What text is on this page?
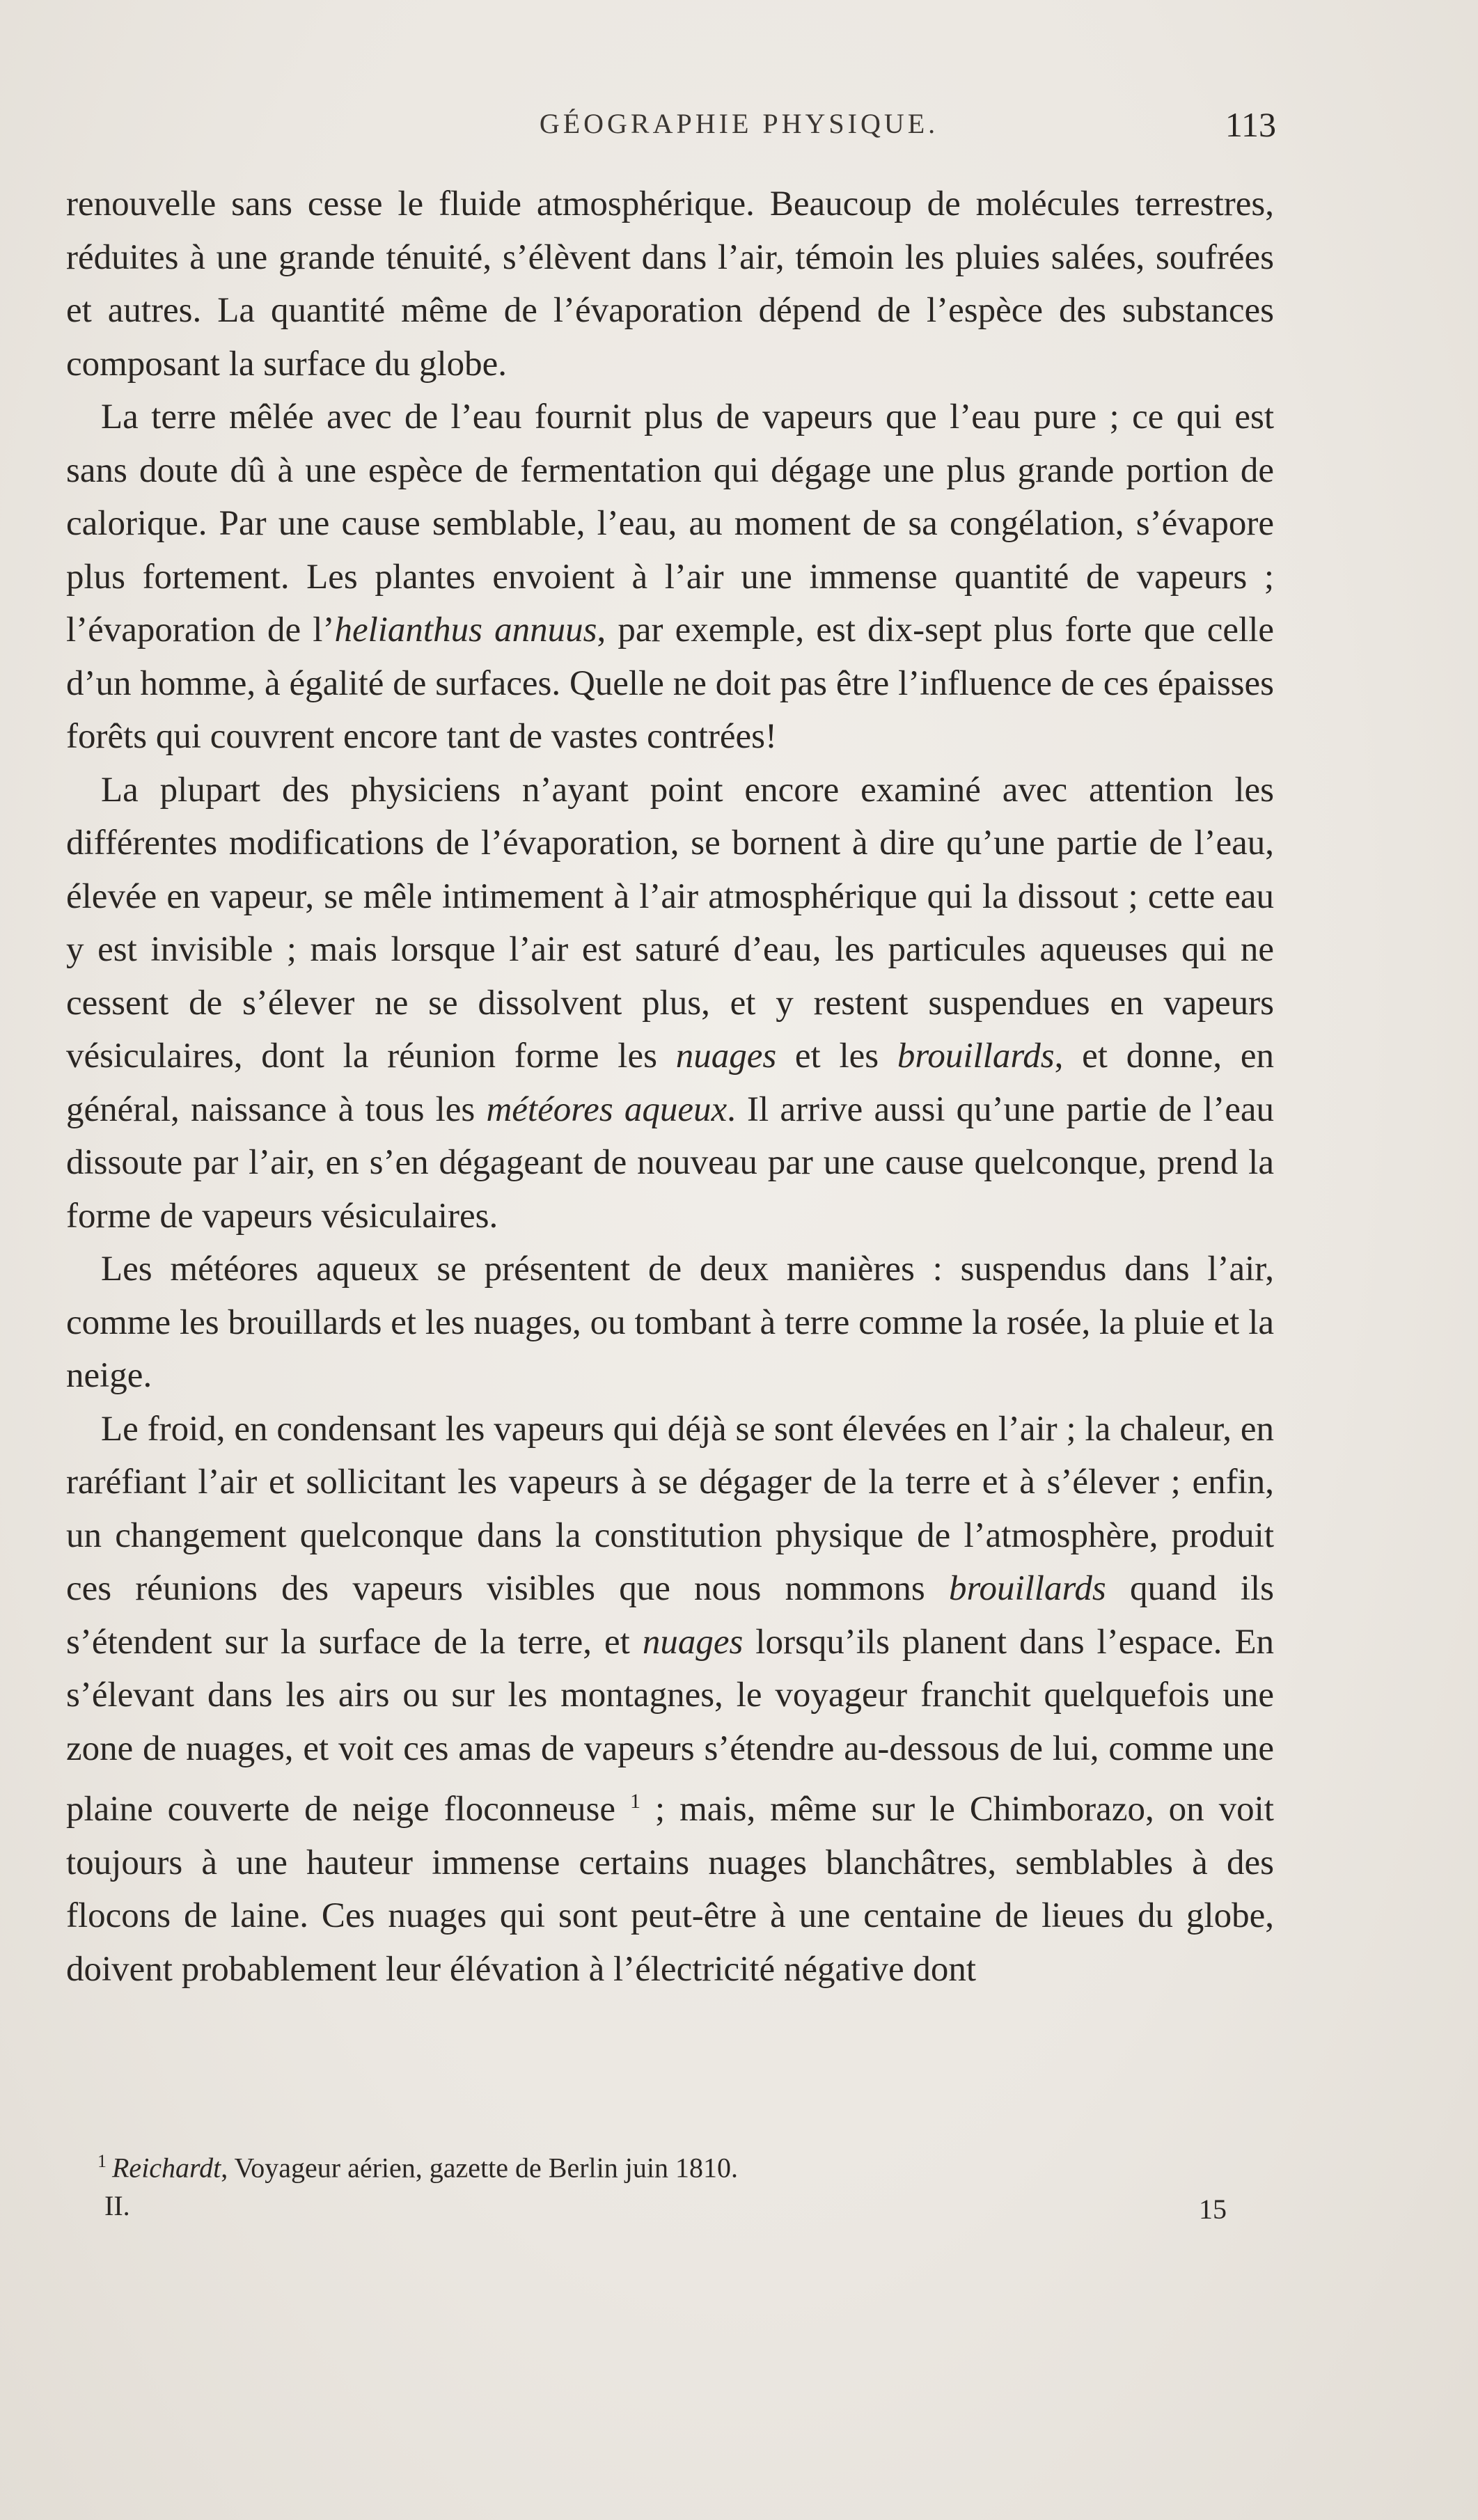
GÉOGRAPHIE PHYSIQUE.	113

renouvelle sans cesse le fluide atmosphérique. Beaucoup de molécules terrestres, réduites à une grande ténuité, s’élèvent dans l’air, témoin les pluies salées, soufrées et autres. La quantité même de l’évaporation dépend de l’espèce des substances composant la surface du globe.

La terre mêlée avec de l’eau fournit plus de vapeurs que l’eau pure ; ce qui est sans doute dû à une espèce de fermentation qui dégage une plus grande portion de calorique. Par une cause semblable, l’eau, au moment de sa congélation, s’évapore plus fortement. Les plantes envoient à l’air une immense quantité de vapeurs ; l’évaporation de l’helianthus annuus, par exemple, est dix-sept plus forte que celle d’un homme, à égalité de surfaces. Quelle ne doit pas être l’influence de ces épaisses forêts qui couvrent encore tant de vastes contrées!

La plupart des physiciens n’ayant point encore examiné avec attention les différentes modifications de l’évaporation, se bornent à dire qu’une partie de l’eau, élevée en vapeur, se mêle intimement à l’air atmosphérique qui la dissout ; cette eau y est invisible ; mais lorsque l’air est saturé d’eau, les particules aqueuses qui ne cessent de s’élever ne se dissolvent plus, et y restent suspendues en vapeurs vésiculaires, dont la réunion forme les nuages et les brouillards, et donne, en général, naissance à tous les météores aqueux. Il arrive aussi qu’une partie de l’eau dissoute par l’air, en s’en dégageant de nouveau par une cause quelconque, prend la forme de vapeurs vésiculaires.

Les météores aqueux se présentent de deux manières : suspendus dans l’air, comme les brouillards et les nuages, ou tombant à terre comme la rosée, la pluie et la neige.

Le froid, en condensant les vapeurs qui déjà se sont élevées en l’air ; la chaleur, en raréfiant l’air et sollicitant les vapeurs à se dégager de la terre et à s’élever ; enfin, un changement quelconque dans la constitution physique de l’atmosphère, produit ces réunions des vapeurs visibles que nous nommons brouillards quand ils s’étendent sur la surface de la terre, et nuages lorsqu’ils planent dans l’espace. En s’élevant dans les airs ou sur les montagnes, le voyageur franchit quelquefois une zone de nuages, et voit ces amas de vapeurs s’étendre au-dessous de lui, comme une plaine couverte de neige floconneuse $^1$ ; mais, même sur le Chimborazo, on voit toujours à une hauteur immense certains nuages blanchâtres, semblables à des flocons de laine. Ces nuages qui sont peut-être à une centaine de lieues du globe, doivent probablement leur élévation à l’électricité négative dont

$^1$ Reichardt, Voyageur aérien, gazette de Berlin juin 1810.
II.	15
